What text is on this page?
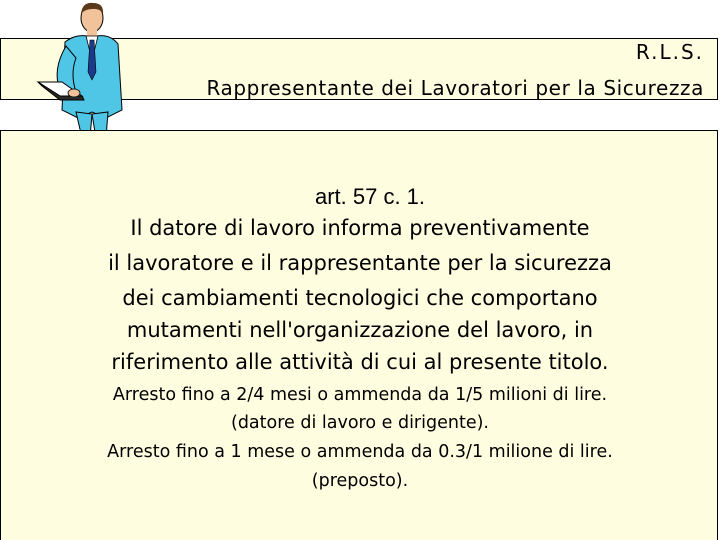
R.L.S.
Rappresentante dei Lavoratori per la Sicurezza
art. 57 c. 1.
Il datore di lavoro informa preventivamente
il lavoratore e il rappresentante per la sicurezza
dei cambiamenti tecnologici che comportano
mutamenti nell'organizzazione del lavoro, in
riferimento alle attività di cui al presente titolo.
Arresto fino a 2/4 mesi o ammenda da 1/5 milioni di lire.
(datore di lavoro e dirigente).
Arresto fino a 1 mese o ammenda da 0.3/1 milione di lire.
(preposto).
